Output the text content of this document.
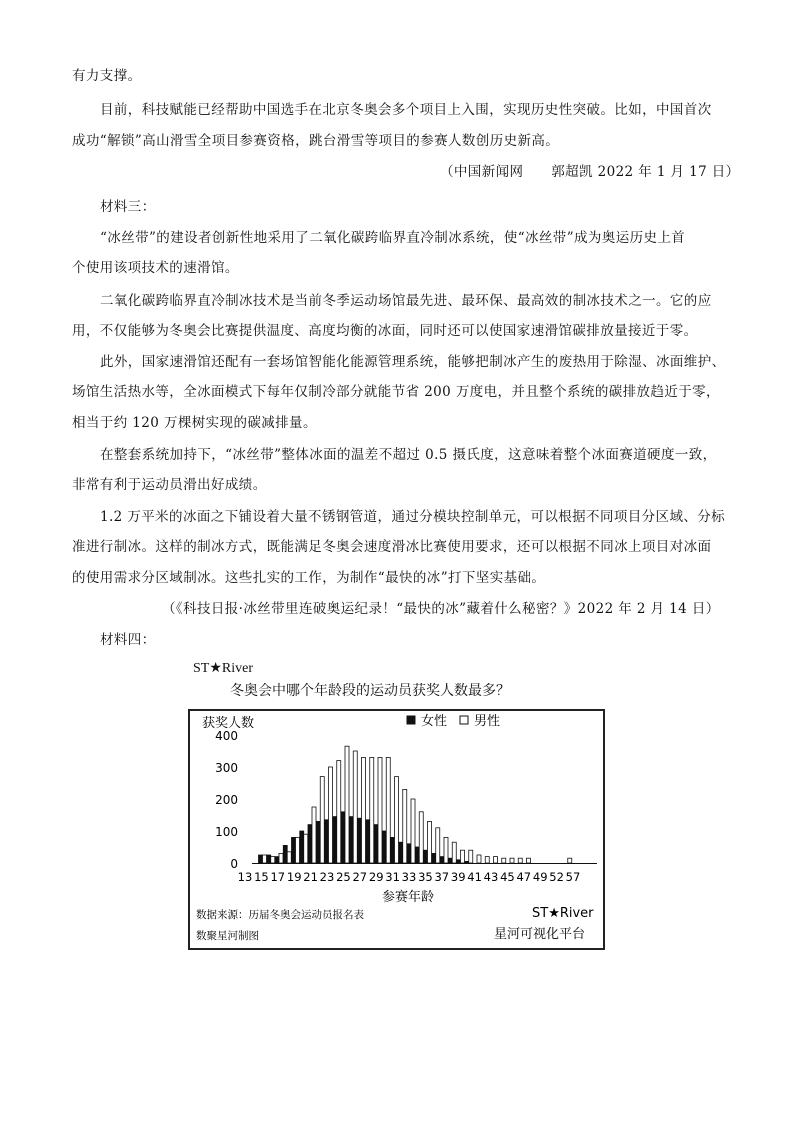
有力支撑。
目前，科技赋能已经帮助中国选手在北京冬奥会多个项目上入围，实现历史性突破。比如，中国首次
成功“解锁”高山滑雪全项目参赛资格，跳台滑雪等项目的参赛人数创历史新高。
（中国新闻网　　郭超凯 2022 年 1 月 17 日）
材料三：
“冰丝带”的建设者创新性地采用了二氧化碳跨临界直冷制冰系统，使“冰丝带”成为奥运历史上首
个使用该项技术的速滑馆。
二氧化碳跨临界直冷制冰技术是当前冬季运动场馆最先进、最环保、最高效的制冰技术之一。它的应
用，不仅能够为冬奥会比赛提供温度、高度均衡的冰面，同时还可以使国家速滑馆碳排放量接近于零。
此外，国家速滑馆还配有一套场馆智能化能源管理系统，能够把制冰产生的废热用于除湿、冰面维护、
场馆生活热水等，全冰面模式下每年仅制冷部分就能节省 200 万度电，并且整个系统的碳排放趋近于零，
相当于约 120 万棵树实现的碳减排量。
在整套系统加持下，“冰丝带”整体冰面的温差不超过 0.5 摄氏度，这意味着整个冰面赛道硬度一致，
非常有利于运动员滑出好成绩。
1.2 万平米的冰面之下铺设着大量不锈钢管道，通过分模块控制单元，可以根据不同项目分区域、分标
准进行制冰。这样的制冰方式，既能满足冬奥会速度滑冰比赛使用要求，还可以根据不同冰上项目对冰面
的使用需求分区域制冰。这些扎实的工作，为制作“最快的冰”打下坚实基础。
（《科技日报·冰丝带里连破奥运纪录！“最快的冰”藏着什么秘密？》2022 年 2 月 14 日）
材料四：
ST★River
冬奥会中哪个年龄段的运动员获奖人数最多？
获奖人数	女性 男性
400
300
200
100
0
13 15 17 19 21 23 25 27 29 31 33 35 37 39 41 43 45 47 49 52 57
参赛年龄
数据来源：历届冬奥会运动员报名表
数聚星河制图
ST★River
星河可视化平台
